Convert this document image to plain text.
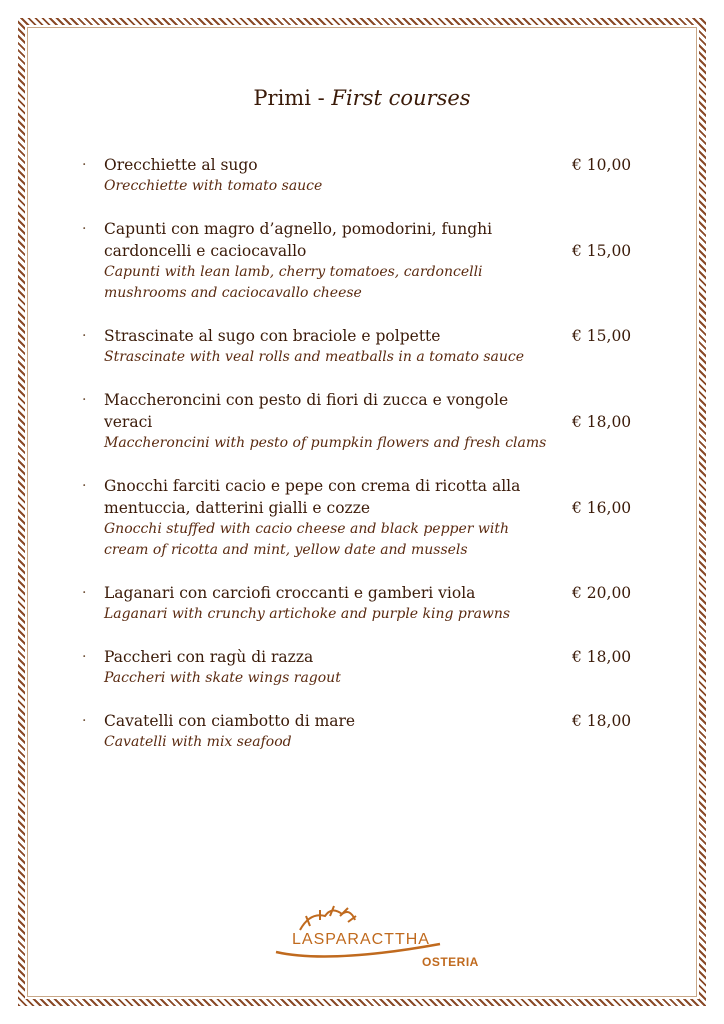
Primi - First courses
· Orecchiette al sugo
Orecchiette with tomato sauce
€ 10,00
· Capunti con magro d’agnello, pomodorini, funghi cardoncelli e caciocavallo
Capunti with lean lamb, cherry tomatoes, cardoncelli mushrooms and caciocavallo cheese
€ 15,00
· Strascinate al sugo con braciole e polpette
Strascinate with veal rolls and meatballs in a tomato sauce
€ 15,00
· Maccheroncini con pesto di fiori di zucca e vongole veraci
Maccheroncini with pesto of pumpkin flowers and fresh clams
€ 18,00
· Gnocchi farciti cacio e pepe con crema di ricotta alla mentuccia, datterini gialli e cozze
Gnocchi stuffed with cacio cheese and black pepper with cream of ricotta and mint, yellow date and mussels
€ 16,00
· Laganari con carciofi croccanti e gamberi viola
Laganari with crunchy artichoke and purple king prawns
€ 20,00
· Paccheri con ragù di razza
Paccheri with skate wings ragout
€ 18,00
· Cavatelli con ciambotto di mare
Cavatelli with mix seafood
€ 18,00
LASPARACTTHA
OSTERIA
